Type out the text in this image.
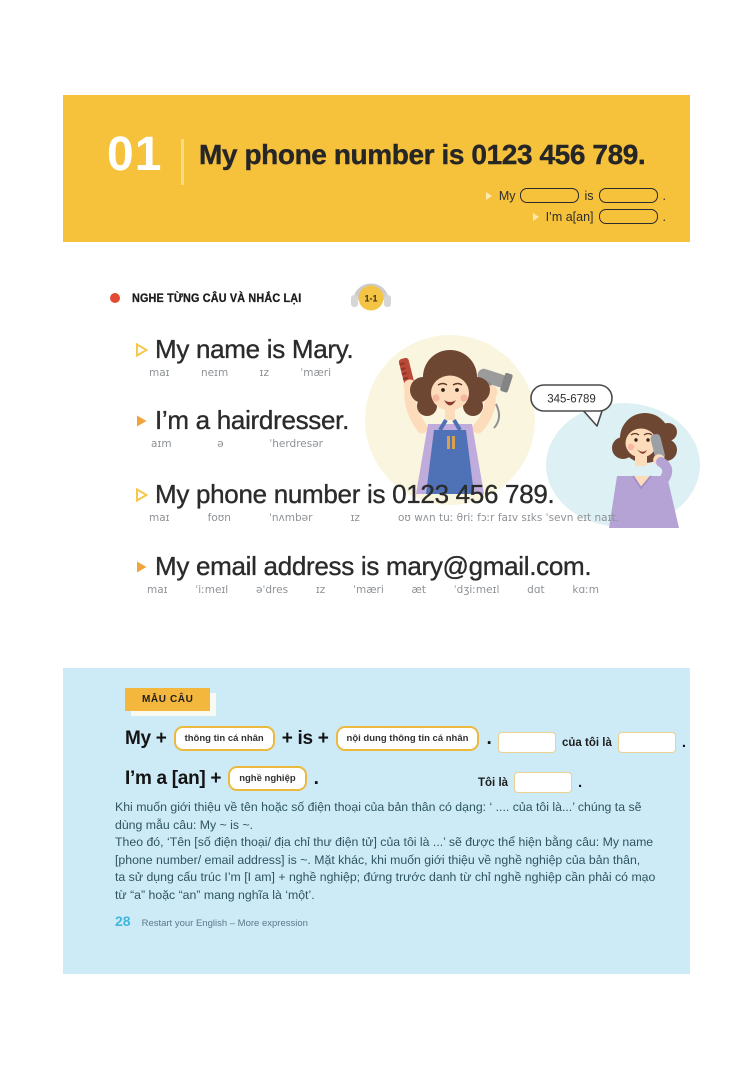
01 My phone number is 0123 456 789.
My	is	.
I’m a[an]	.
NGHE TỪNG CÂU VÀ NHẮC LẠI	1-1
345-6789
My name is Mary.
maɪ	neɪm	ɪz	ˈmæri
I’m a hairdresser.
aɪm	ə	ˈherdresər
My phone number is 0123 456 789.
maɪ	foʊn	ˈnʌmbər	ɪz	oʊ wʌn tuː θriː fɔːr faɪv sɪks ˈsevn eɪt naɪt.
My email address is mary@gmail.com.
maɪ	ˈiːmeɪl	əˈdres	ɪz	ˈmæri	æt	ˈdʒiːmeɪl	dɑt	kɑːm
MẪU CÂU
My +	thông tin cá nhân + is +	nội dung thông tin cá nhân .	của tôi là	.
I’m a [an] +	nghề nghiệp .	Tôi là	.
Khi muốn giới thiệu về tên hoặc số điện thoại của bản thân có dạng: ‘ .... của tôi là...’ chúng ta sẽ
dùng mẫu câu: My ~ is ~.
Theo đó, ‘Tên [số điện thoại/ địa chỉ thư điện tử] của tôi là ...’ sẽ được thể hiện bằng câu: My name
[phone number/ email address] is ~. Mặt khác, khi muốn giới thiệu về nghề nghiệp của bản thân,
ta sử dụng cấu trúc I’m [I am] + nghề nghiệp; đứng trước danh từ chỉ nghề nghiệp cần phải có mạo
từ “a” hoặc “an” mang nghĩa là ‘một’.
28 Restart your English – More expression
